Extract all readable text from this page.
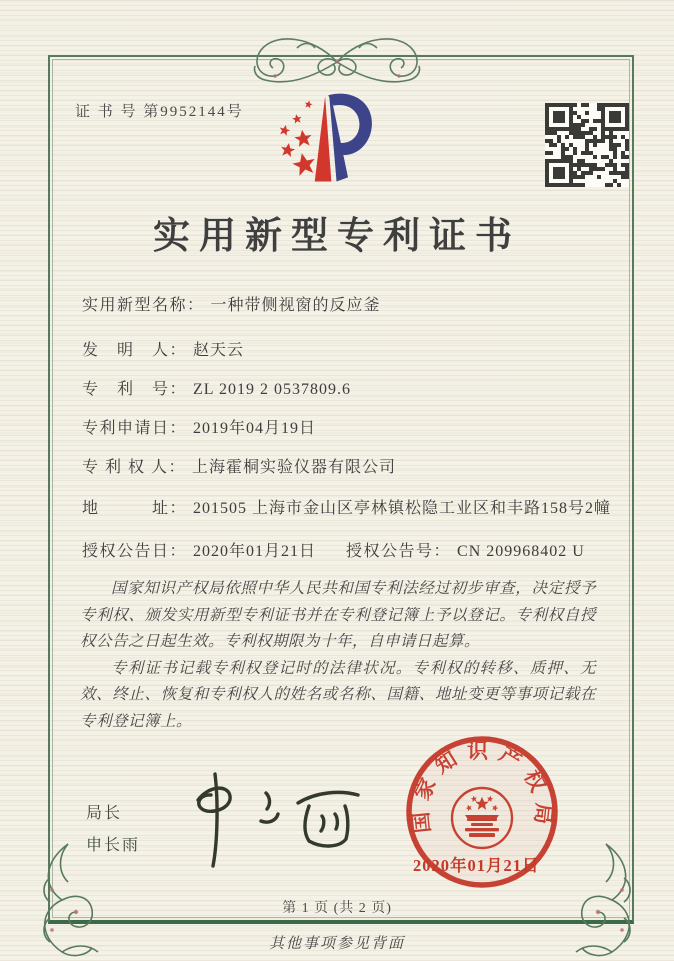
证 书 号 第9952144号
实用新型专利证书
实用新型名称： 一种带侧视窗的反应釜
发　明　人： 赵天云
专　利　号： ZL 2019 2 0537809.6
专利申请日： 2019年04月19日
专 利 权 人： 上海霍桐实验仪器有限公司
地　　　址： 201505 上海市金山区亭林镇松隐工业区和丰路158号2幢
授权公告日： 2020年01月21日 授权公告号： CN 209968402 U

国家知识产权局依照中华人民共和国专利法经过初步审查，决定授予专利权、颁发实用新型专利证书并在专利登记簿上予以登记。专利权自授权公告之日起生效。专利权期限为十年，自申请日起算。

专利证书记载专利权登记时的法律状况。专利权的转移、质押、无效、终止、恢复和专利权人的姓名或名称、国籍、地址变更等事项记载在专利登记簿上。

局长
申长雨
国家知识产权局
2020年01月21日
第 1 页 (共 2 页)
其他事项参见背面
